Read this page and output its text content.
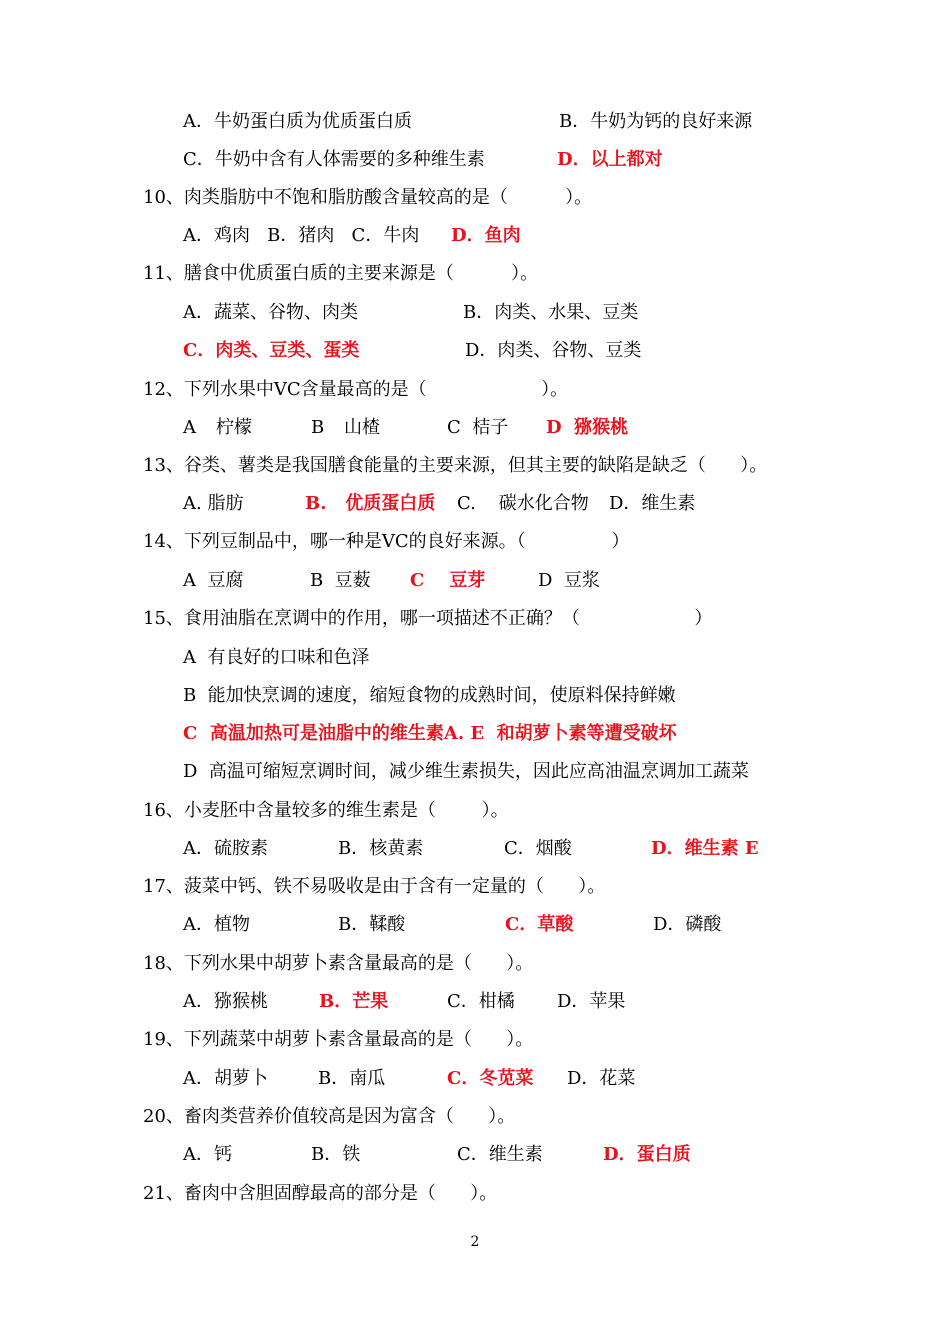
A．牛奶蛋白质为优质蛋白质	B．牛奶为钙的良好来源
C．牛奶中含有人体需要的多种维生素	D．以上都对
10、肉类脂肪中不饱和脂肪酸含量较高的是（          ）。
A．鸡肉   B．猪肉   C．牛肉 D．鱼肉
11、膳食中优质蛋白质的主要来源是（          ）。
A．蔬菜、谷物、肉类	B．肉类、水果、豆类
C．肉类、豆类、蛋类	D．肉类、谷物、豆类
12、下列水果中VC含量最高的是（                    ）。
A 柠檬	B 山楂	C  桔子 D  猕猴桃
13、谷类、薯类是我国膳食能量的主要来源，但其主要的缺陷是缺乏（      ）。
A. 脂肪	B.   优质蛋白质 C.    碳水化合物 D．维生素
14、下列豆制品中，哪一种是VC的良好来源。（               ）
A  豆腐	B  豆薮 C    豆芽	D  豆浆
15、食用油脂在烹调中的作用，哪一项描述不正确？（                    ）
A  有良好的口味和色泽
B  能加快烹调的速度，缩短食物的成熟时间，使原料保持鲜嫩
C  高温加热可是油脂中的维生素A. E  和胡萝卜素等遭受破坏
D  高温可缩短烹调时间，减少维生素损失，因此应高油温烹调加工蔬菜
16、小麦胚中含量较多的维生素是（        ）。
A．硫胺素	B．核黄素	C．烟酸	D．维生素 E
17、菠菜中钙、铁不易吸收是由于含有一定量的（      ）。
A．植物	B．鞣酸	C．草酸	D．磷酸
18、下列水果中胡萝卜素含量最高的是（      ）。
A．猕猴桃	B．芒果	C．柑橘 D．苹果
19、下列蔬菜中胡萝卜素含量最高的是（      ）。
A．胡萝卜	B．南瓜	C．冬苋菜 D．花菜
20、畜肉类营养价值较高是因为富含（      ）。
A．钙	B．铁	C．维生素	D．蛋白质
21、畜肉中含胆固醇最高的部分是（      ）。
2
